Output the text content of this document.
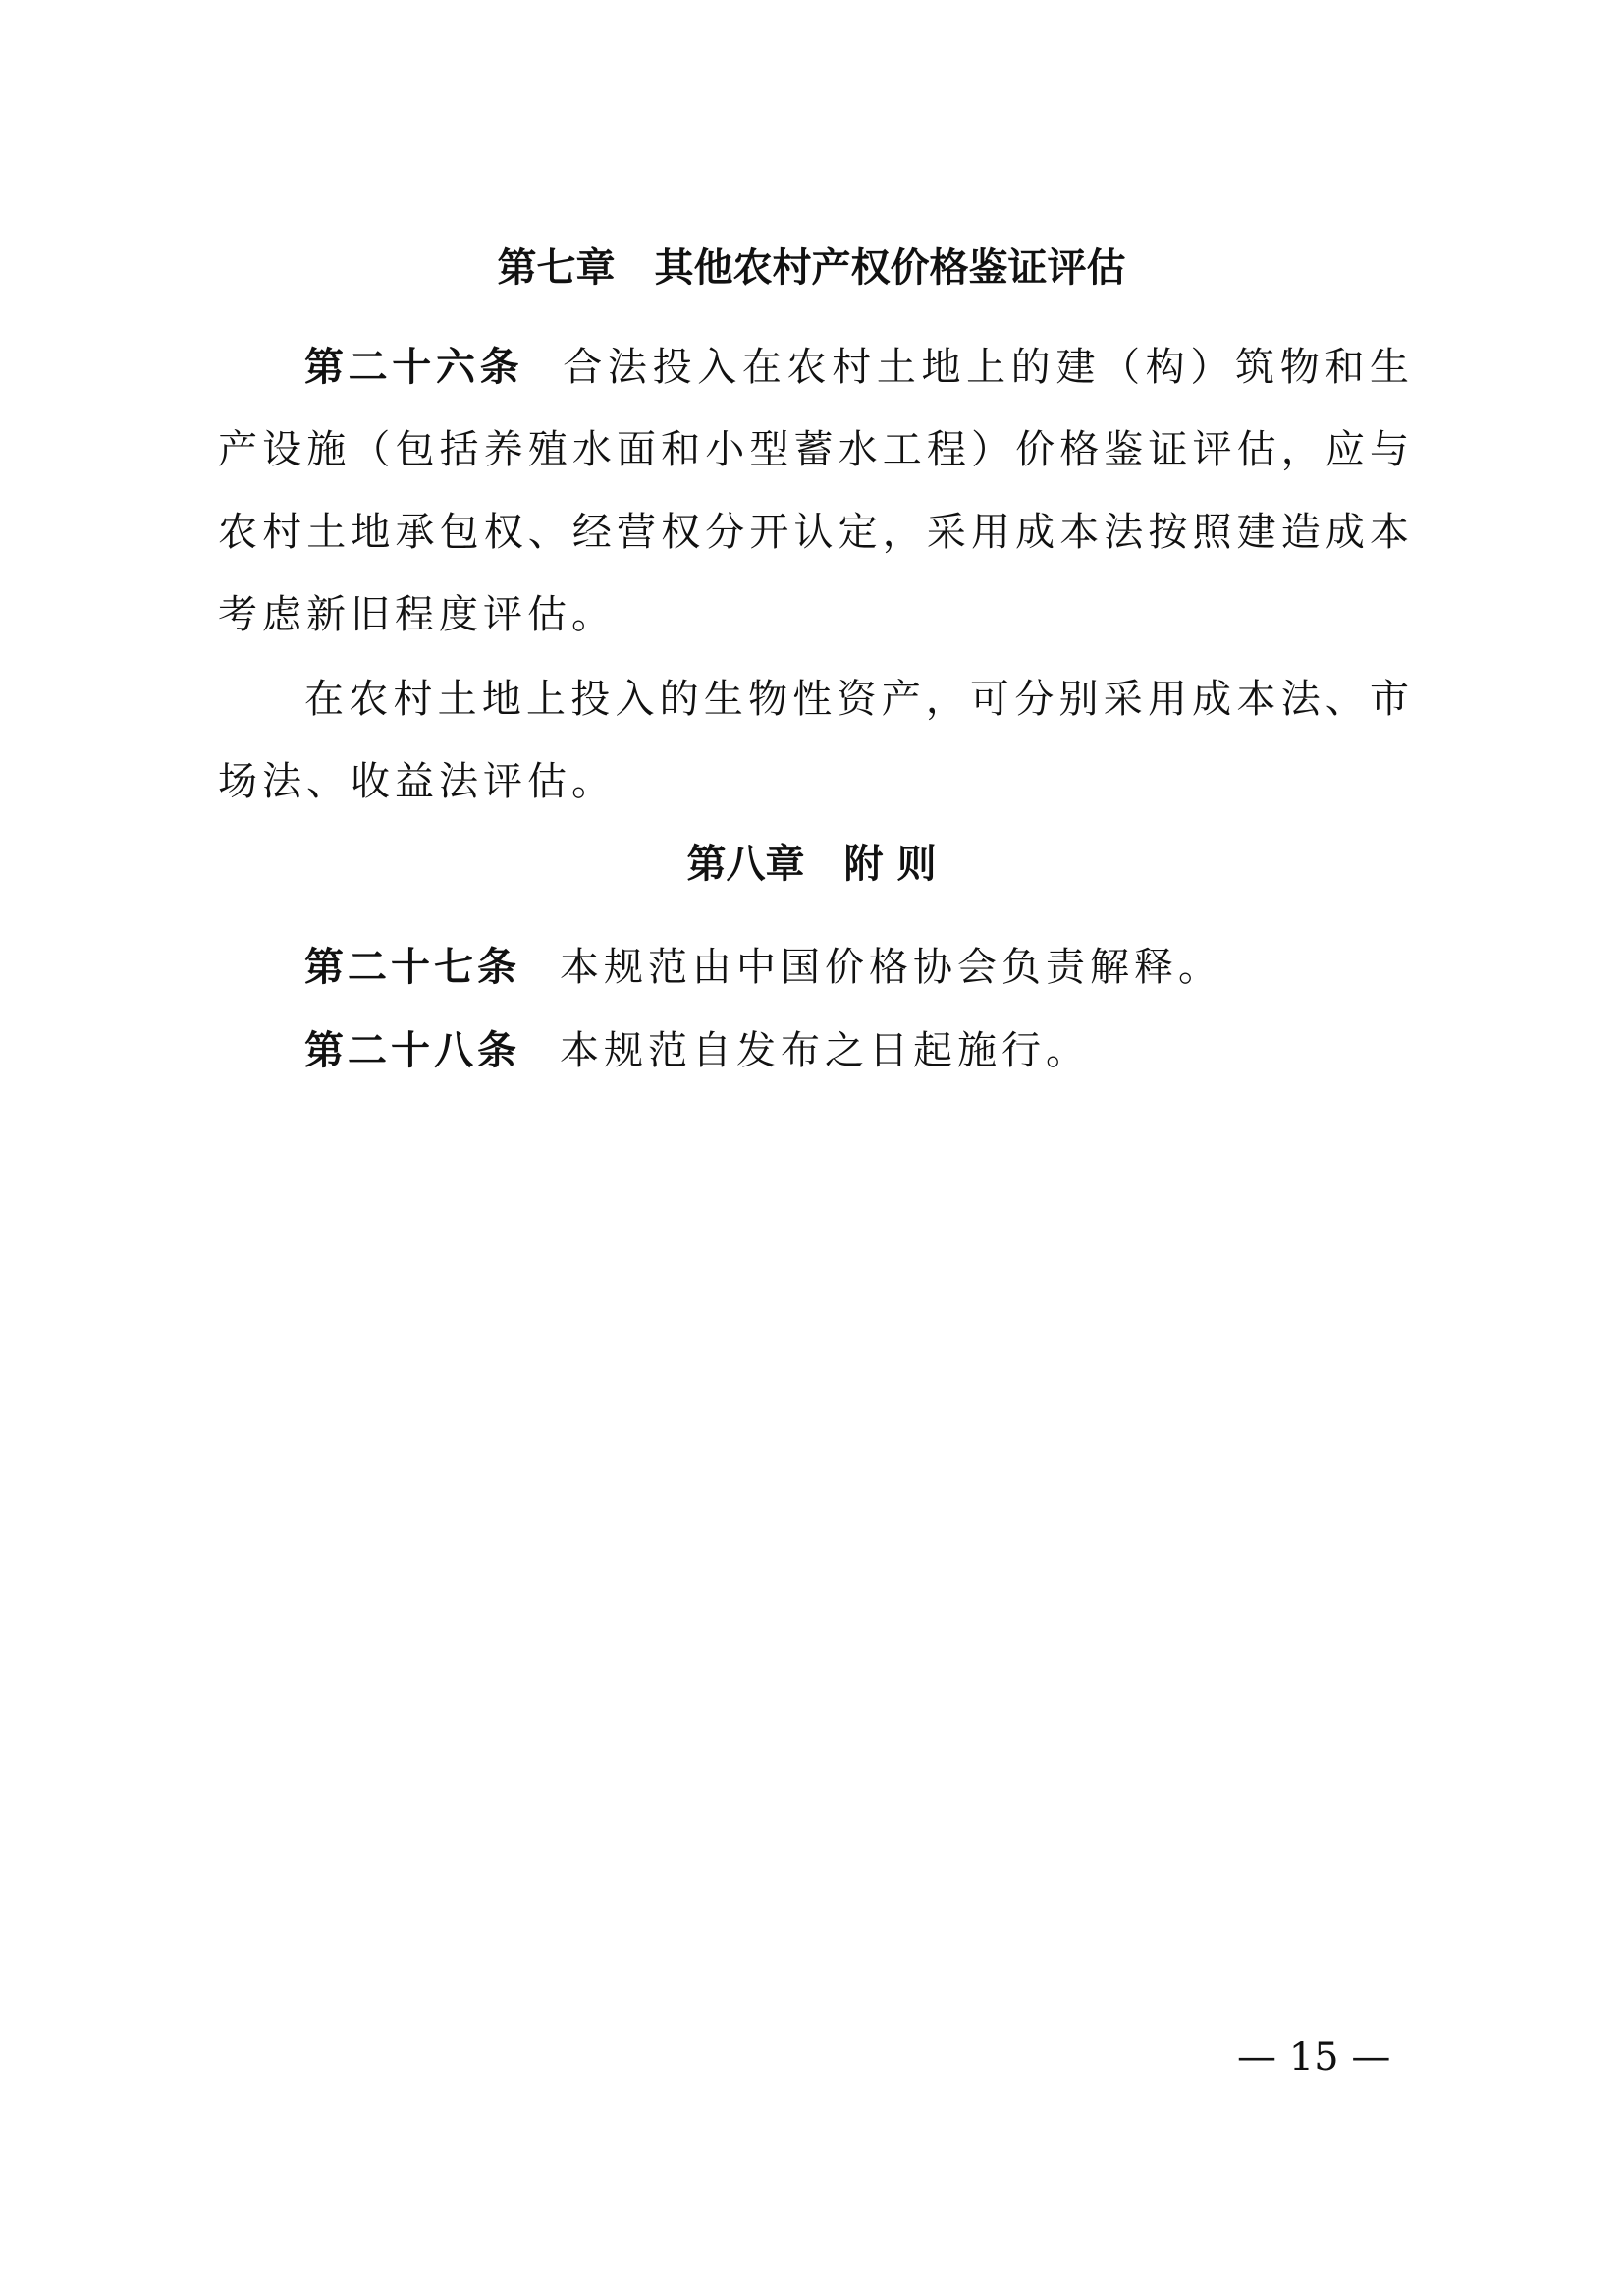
第七章　其他农村产权价格鉴证评估
第二十六条 合法投入在农村土地上的建（构）筑物和生产设施（包括养殖水面和小型蓄水工程）价格鉴证评估，应与农村土地承包权、经营权分开认定，采用成本法按照建造成本考虑新旧程度评估。
在农村土地上投入的生物性资产，可分别采用成本法、市场法、收益法评估。
第八章　附 则
第二十七条 本规范由中国价格协会负责解释。
第二十八条 本规范自发布之日起施行。
— 15 —
